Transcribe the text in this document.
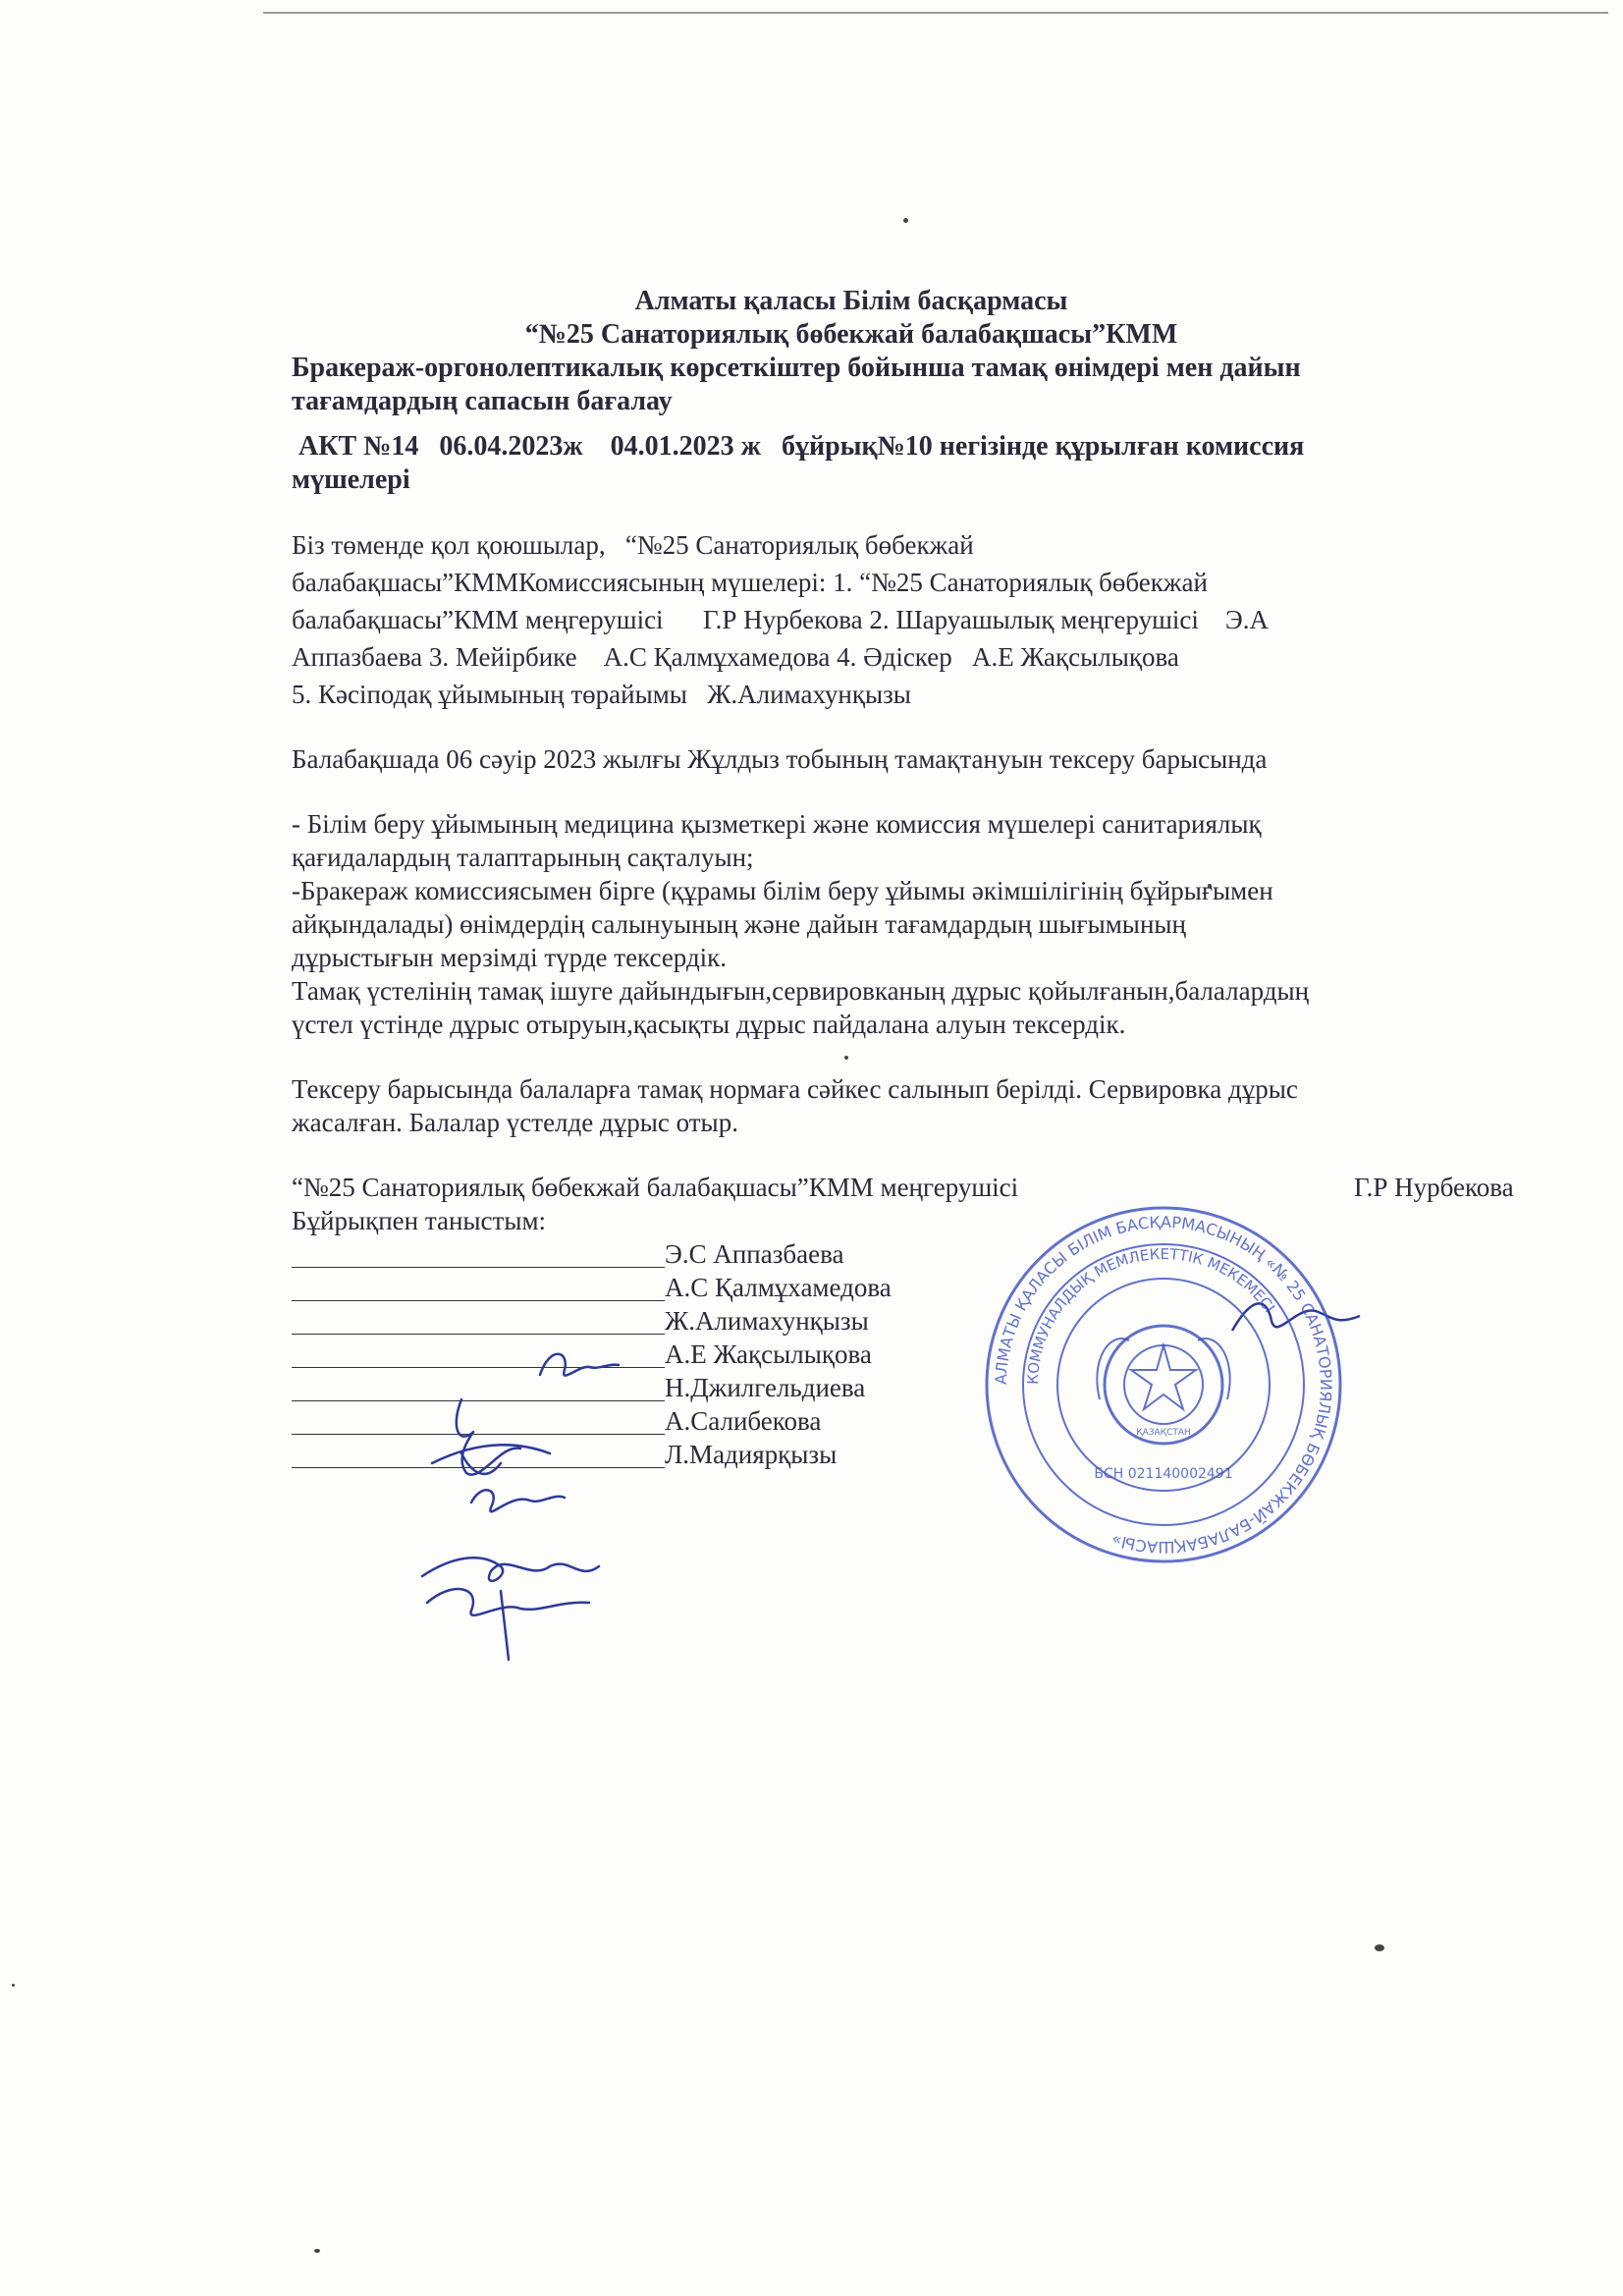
Алматы қаласы Білім басқармасы
“№25 Санаториялық бөбекжай балабақшасы”КММ
Бракераж-оргонолептикалық көрсеткіштер бойынша тамақ өнімдері мен дайын
тағамдардың сапасын бағалау
АКТ №14   06.04.2023ж    04.01.2023 ж   бұйрық№10 негізінде құрылған комиссия
мүшелері
Біз төменде қол қоюшылар,   “№25 Санаториялық бөбекжай
балабақшасы”КММКомиссиясының мүшелері: 1. “№25 Санаториялық бөбекжай
балабақшасы”КММ меңгерушісі      Г.Р Нурбекова 2. Шаруашылық меңгерушісі    Э.А
Аппазбаева 3. Мейірбике    А.С Қалмұхамедова 4. Әдіскер   А.Е Жақсылықова
5. Кәсіподақ ұйымының төрайымы   Ж.Алимахунқызы
Балабақшада 06 сәуір 2023 жылғы Жұлдыз тобының тамақтануын тексеру барысында
- Білім беру ұйымының медицина қызметкері және комиссия мүшелері санитариялық
қағидалардың талаптарының сақталуын;
-Бракераж комиссиясымен бірге (құрамы білім беру ұйымы әкімшілігінің бұйрығымен
айқындалады) өнімдердің салынуының және дайын тағамдардың шығымының
дұрыстығын мерзімді түрде тексердік.
Тамақ үстелінің тамақ ішуге дайындығын,сервировканың дұрыс қойылғанын,балалардың
үстел үстінде дұрыс отыруын,қасықты дұрыс пайдалана алуын тексердік.
Тексеру барысында балаларға тамақ нормаға сәйкес салынып берілді. Сервировка дұрыс
жасалған. Балалар үстелде дұрыс отыр.
“№25 Санаториялық бөбекжай балабақшасы”КММ меңгерушісі	Г.Р Нурбекова
Бұйрықпен таныстым:
Э.С Аппазбаева
А.С Қалмұхамедова
Ж.Алимахунқызы
А.Е Жақсылықова
Н.Джилгельдиева
А.Салибекова
Л.Мадиярқызы
АЛМАТЫ ҚАЛАСЫ БІЛІМ БАСҚАРМАСЫНЫҢ «№ 25 САНАТОРИЯЛЫҚ БӨБЕКЖАЙ-БАЛАБАҚШАСЫ»
КОММУНАЛДЫҚ МЕМЛЕКЕТТІК МЕКЕМЕСІ
БСН 021140002491
ҚАЗАҚСТАН
